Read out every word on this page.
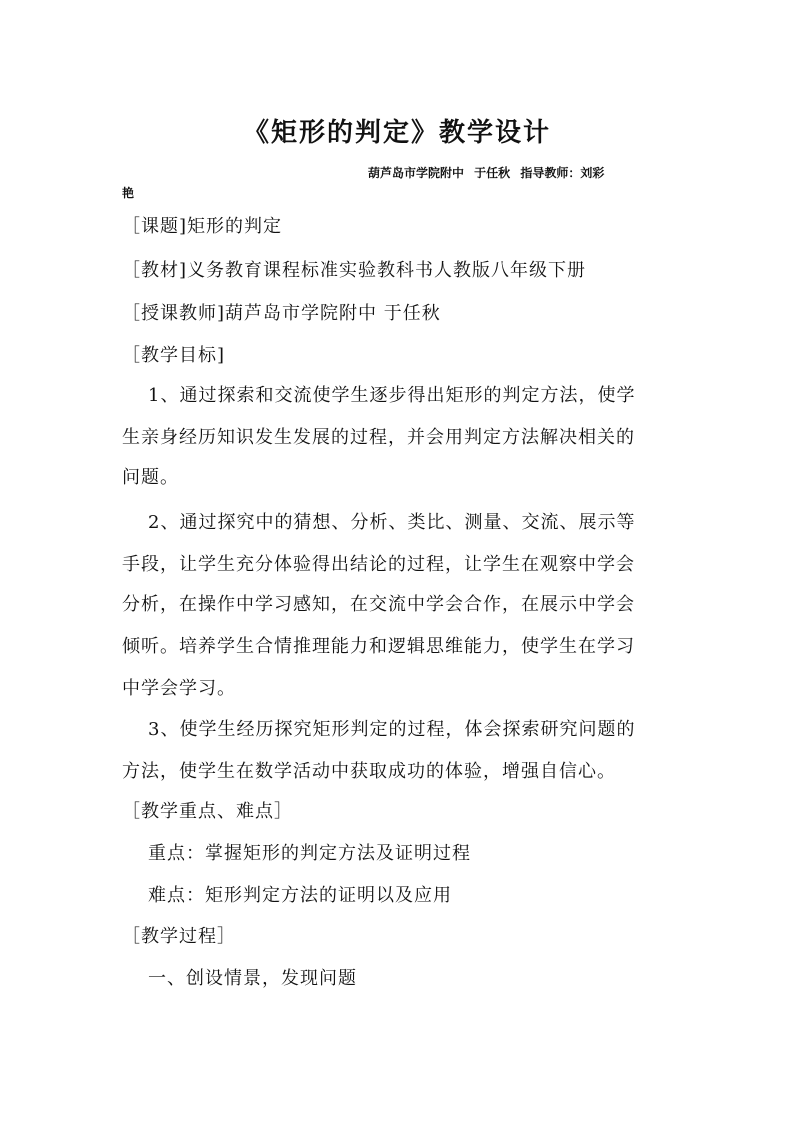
《矩形的判定》教学设计
葫芦岛市学院附中 于任秋 指导教师：刘彩
艳
［课题]矩形的判定
［教材]义务教育课程标准实验教科书人教版八年级下册
［授课教师]葫芦岛市学院附中 于任秋
［教学目标]
1、通过探索和交流使学生逐步得出矩形的判定方法，使学
生亲身经历知识发生发展的过程，并会用判定方法解决相关的
问题。
2、通过探究中的猜想、分析、类比、测量、交流、展示等
手段，让学生充分体验得出结论的过程，让学生在观察中学会
分析，在操作中学习感知，在交流中学会合作，在展示中学会
倾听。培养学生合情推理能力和逻辑思维能力，使学生在学习
中学会学习。
3、使学生经历探究矩形判定的过程，体会探索研究问题的
方法，使学生在数学活动中获取成功的体验，增强自信心。
［教学重点、难点］
重点：掌握矩形的判定方法及证明过程
难点：矩形判定方法的证明以及应用
［教学过程］
一、创设情景，发现问题
